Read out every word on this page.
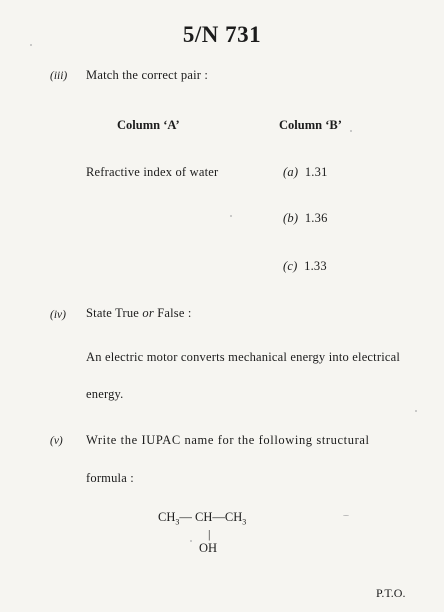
5/N 731
(iii) Match the correct pair :
Column ‘A’	Column ‘B’
Refractive index of water	(a) 1.31
(b) 1.36
(c) 1.33
(iv) State True or False :
An electric motor converts mechanical energy into electrical
energy.
(v) Write the IUPAC name for the following structural
formula :
$CH_3—$ $CH—CH_3$
|
OH
P.T.O.
